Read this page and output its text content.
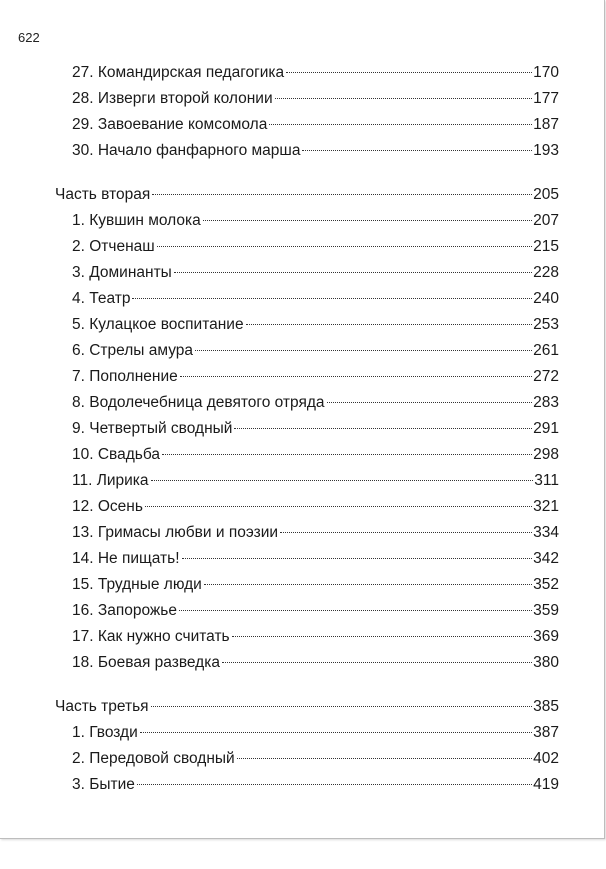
622
27. Командирская педагогика	170
28. Изверги второй колонии	177
29. Завоевание комсомола	187
30. Начало фанфарного марша	193
Часть вторая	205
1. Кувшин молока	207
2. Отченаш	215
3. Доминанты	228
4. Театр	240
5. Кулацкое воспитание	253
6. Стрелы амура	261
7. Пополнение	272
8. Водолечебница девятого отряда	283
9. Четвертый сводный	291
10. Свадьба	298
11. Лирика	311
12. Осень	321
13. Гримасы любви и поэзии	334
14. Не пищать!	342
15. Трудные люди	352
16. Запорожье	359
17. Как нужно считать	369
18. Боевая разведка	380
Часть третья	385
1. Гвозди	387
2. Передовой сводный	402
3. Бытие	419
